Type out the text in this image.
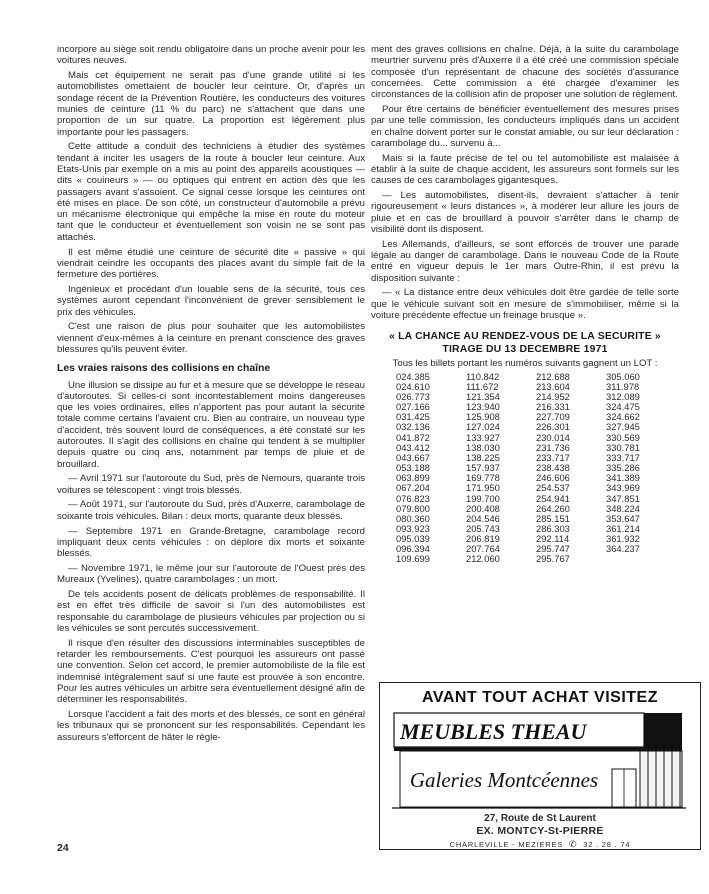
incorpore au siège soit rendu obligatoire dans un proche avenir pour les voitures neuves.

Mais cet équipement ne serait pas d'une grande utilité si les automobilistes omettaient de boucler leur ceinture. Or, d'après un sondage récent de la Prévention Routière, les conducteurs des voitures munies de ceinture (11 % du parc) ne s'attachent que dans une proportion de un sur quatre. La proportion est légèrement plus importante pour les passagers.

Cette attitude a conduit des techniciens à étudier des systèmes tendant à inciter les usagers de la route à boucler leur ceinture. Aux Etats-Unis par exemple on a mis au point des appareils acoustiques — dits « couineurs » — ou optiques qui entrent en action dès que les passagers avant s'assoient. Ce signal cesse lorsque les ceintures ont été mises en place. De son côté, un constructeur d'automobile a prévu un mécanisme électronique qui empêche la mise en route du moteur tant que le conducteur et éventuellement son voisin ne se sont pas attachés.

Il est même étudié une ceinture de sécurité dite « passive » qui viendrait ceindre les occupants des places avant du simple fait de la fermeture des portières.

Ingénieux et procédant d'un louable sens de la sécurité, tous ces systèmes auront cependant l'inconvénient de grever sensiblement le prix des véhicules.

C'est une raison de plus pour souhaiter que les automobilistes viennent d'eux-mêmes à la ceinture en prenant conscience des graves blessures qu'ils peuvent éviter.

Les vraies raisons des collisions en chaîne

Une illusion se dissipe au fur et à mesure que se développe le réseau d'autoroutes. Si celles-ci sont incontestablement moins dangereuses que les voies ordinaires, elles n'apportent pas pour autant la sécurité totale comme certains l'avaient cru. Bien au contraire, un nouveau type d'accident, très souvent lourd de conséquences, a été constaté sur les autoroutes. Il s'agit des collisions en chaîne qui tendent à se multiplier depuis quatre ou cinq ans, notamment par temps de pluie et de brouillard.

— Avril 1971 sur l'autoroute du Sud, près de Nemours, quarante trois voitures se télescopent : vingt trois blessés.

— Août 1971, sur l'autoroute du Sud, près d'Auxerre, carambolage de soixante trois véhicules. Bilan : deux morts, quarante deux blessés.

— Septembre 1971 en Grande-Bretagne, carambolage record impliquant deux cents véhicules : on déplore dix morts et soixante blessés.

— Novembre 1971, le même jour sur l'autoroute de l'Ouest près des Mureaux (Yvelines), quatre carambolages : un mort.

De tels accidents posent de délicats problèmes de responsabilité. Il est en effet très difficile de savoir si l'un des automobilistes est responsable du carambolage de plusieurs véhicules par projection ou si les véhicules se sont percutés successivement.

Il risque d'en résulter des discussions interminables susceptibles de retarder les remboursements. C'est pourquoi les assureurs ont passé une convention. Selon cet accord, le premier automobiliste de la file est indemnisé intégralement sauf si une faute est prouvée à son encontre. Pour les autres véhicules un arbitre sera éventuellement désigné afin de déterminer les responsabilités.

Lorsque l'accident a fait des morts et des blessés, ce sont en général les tribunaux qui se prononcent sur les responsabilités. Cependant les assureurs s'efforcent de hâter le règle-

ment des graves collisions en chaîne. Déjà, à la suite du carambolage meurtrier survenu près d'Auxerre il a été créé une commission spéciale composée d'un représentant de chacune des sociétés d'assurance concernées. Cette commission a été chargée d'examiner les circonstances de la collision afin de proposer une solution de règlement.

Pour être certains de bénéficier éventuellement des mesures prises par une telle commission, les conducteurs impliqués dans un accident en chaîne doivent porter sur le constat amiable, ou sur leur déclaration : carambolage du... survenu à...

Mais si la faute précise de tel ou tel automobiliste est malaisée à établir à la suite de chaque accident, les assureurs sont formels sur les causes de ces carambolages gigantesques.

— Les automobilistes, disent-ils, devraient s'attacher à tenir rigoureusement « leurs distances », à modérer leur allure les jours de pluie et en cas de brouillard à pouvoir s'arrêter dans le champ de visibilité dont ils disposent.

Les Allemands, d'ailleurs, se sont efforcés de trouver une parade légale au danger de carambolage. Dans le nouveau Code de la Route entré en vigueur depuis le 1er mars Outre-Rhin, il est prévu la disposition suivante :

— « La distance entre deux véhicules doit être gardée de telle sorte que le véhicule suivant soit en mesure de s'immobiliser, même si la voiture précédente effectue un freinage brusque ».

« LA CHANCE AU RENDEZ-VOUS DE LA SECURITE »
TIRAGE DU 13 DECEMBRE 1971
Tous les billets portant les numéros suivants gagnent un LOT :
024.385
024.610
026.773
027.166
031.425
032.136
041.872
043.412
043.667
053.188
063.899
067.204
076.823
079.800
080.360
093.923
095.039
096.394
109.699
110.842
111.672
121.354
123.940
125.908
127.024
133.927
138.030
138.225
157.937
169.778
171.950
199.700
200.408
204.546
205.743
206.819
207.764
212.060
212.688
213.604
214.952
216.331
227.709
226.301
230.014
231.736
233.717
238.438
246.606
254.537
254.941
264.260
285.151
286.303
292.114
295.747
295.767
305.060
311.978
312.089
324.475
324.662
327.945
330.569
330.781
333.717
335.286
341.389
343.969
347.851
348.224
353.647
361.214
361.932
364.237
AVANT TOUT ACHAT VISITEZ
MEUBLES THEAU
Galeries Montcéennes
27, Route de St Laurent
EX. MONTCY-St-PIERRE
CHARLEVILLE - MEZIERES ✆ 32 . 28 . 74
24
